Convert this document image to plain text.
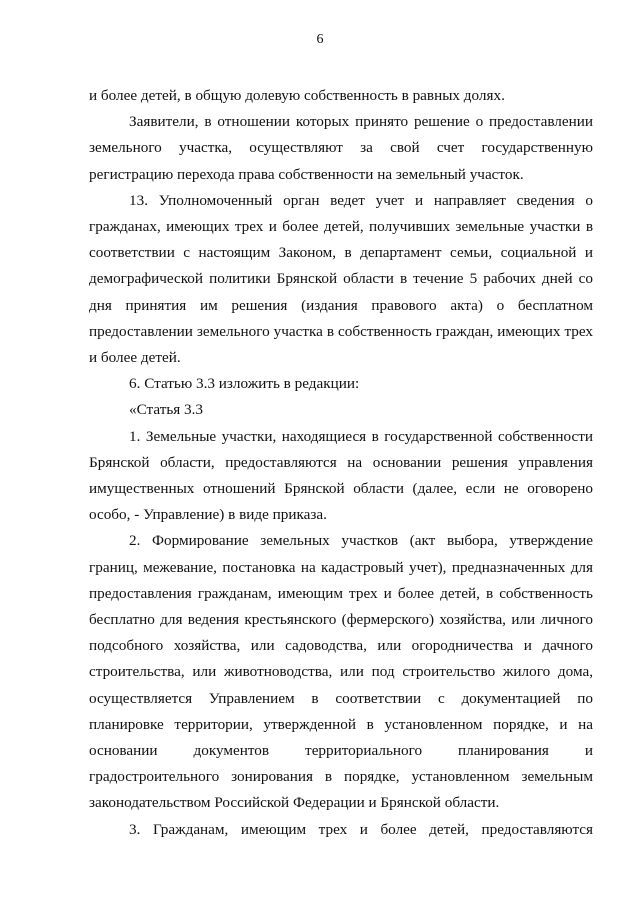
6

и более детей, в общую долевую собственность в равных долях.

Заявители, в отношении которых принято решение о предоставлении земельного участка, осуществляют за свой счет государственную регистрацию перехода права собственности на земельный участок.

13. Уполномоченный орган ведет учет и направляет сведения о гражданах, имеющих трех и более детей, получивших земельные участки в соответствии с настоящим Законом, в департамент семьи, социальной и демографической политики Брянской области в течение 5 рабочих дней со дня принятия им решения (издания правового акта) о бесплатном предоставлении земельного участка в собственность граждан, имеющих трех и более детей.

6. Статью 3.3 изложить в редакции:

«Статья 3.3

1. Земельные участки, находящиеся в государственной собственности Брянской области, предоставляются на основании решения управления имущественных отношений Брянской области (далее, если не оговорено особо, - Управление) в виде приказа.

2. Формирование земельных участков (акт выбора, утверждение границ, межевание, постановка на кадастровый учет), предназначенных для предоставления гражданам, имеющим трех и более детей, в собственность бесплатно для ведения крестьянского (фермерского) хозяйства, или личного подсобного хозяйства, или садоводства, или огородничества и дачного строительства, или животноводства, или под строительство жилого дома, осуществляется Управлением в соответствии с документацией по планировке территории, утвержденной в установленном порядке, и на основании документов территориального планирования и градостроительного зонирования в порядке, установленном земельным законодательством Российской Федерации и Брянской области.

3. Гражданам, имеющим трех и более детей, предоставляются
